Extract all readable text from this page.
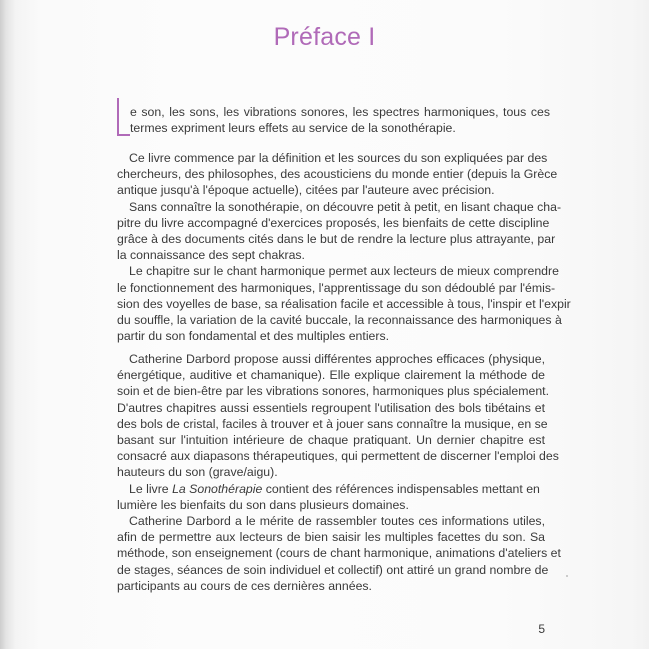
Préface I
e son, les sons, les vibrations sonores, les spectres harmoniques, tous ces
termes expriment leurs effets au service de la sonothérapie.
Ce livre commence par la définition et les sources du son expliquées par des
chercheurs, des philosophes, des acousticiens du monde entier (depuis la Grèce
antique jusqu'à l'époque actuelle), citées par l'auteure avec précision.
Sans connaître la sonothérapie, on découvre petit à petit, en lisant chaque cha-
pitre du livre accompagné d'exercices proposés, les bienfaits de cette discipline
grâce à des documents cités dans le but de rendre la lecture plus attrayante, par
la connaissance des sept chakras.
Le chapitre sur le chant harmonique permet aux lecteurs de mieux comprendre
le fonctionnement des harmoniques, l'apprentissage du son dédoublé par l'émis-
sion des voyelles de base, sa réalisation facile et accessible à tous, l'inspir et l'expir
du souffle, la variation de la cavité buccale, la reconnaissance des harmoniques à
partir du son fondamental et des multiples entiers.
Catherine Darbord propose aussi différentes approches efficaces (physique,
énergétique, auditive et chamanique). Elle explique clairement la méthode de
soin et de bien-être par les vibrations sonores, harmoniques plus spécialement.
D'autres chapitres aussi essentiels regroupent l'utilisation des bols tibétains et
des bols de cristal, faciles à trouver et à jouer sans connaître la musique, en se
basant sur l'intuition intérieure de chaque pratiquant. Un dernier chapitre est
consacré aux diapasons thérapeutiques, qui permettent de discerner l'emploi des
hauteurs du son (grave/aigu).
Le livre La Sonothérapie contient des références indispensables mettant en
lumière les bienfaits du son dans plusieurs domaines.
Catherine Darbord a le mérite de rassembler toutes ces informations utiles,
afin de permettre aux lecteurs de bien saisir les multiples facettes du son. Sa
méthode, son enseignement (cours de chant harmonique, animations d'ateliers et
de stages, séances de soin individuel et collectif) ont attiré un grand nombre de
participants au cours de ces dernières années.
5
